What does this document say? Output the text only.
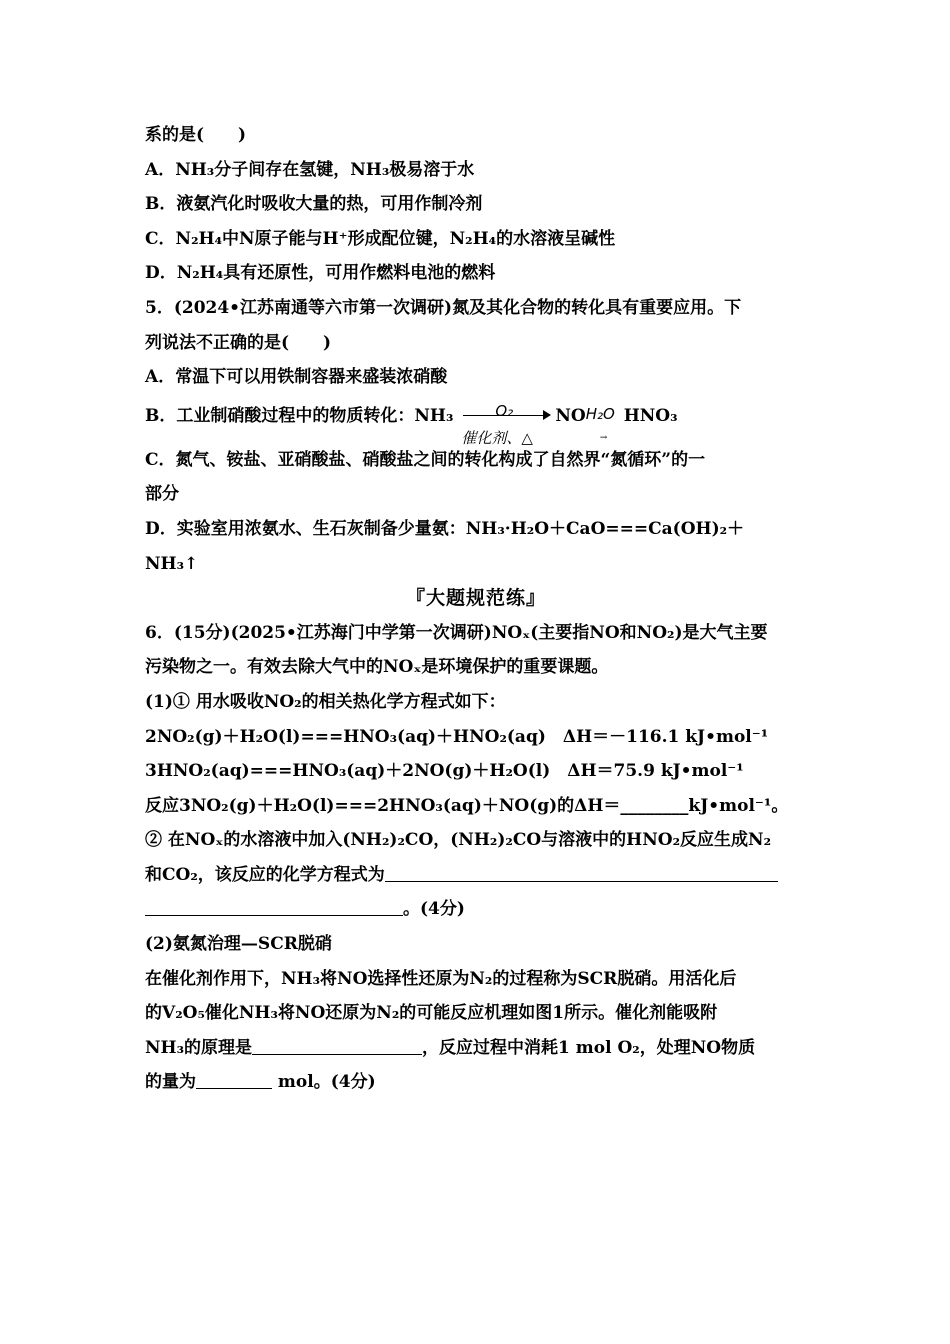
系的是(　　)
A．NH₃分子间存在氢键，NH₃极易溶于水
B．液氨汽化时吸收大量的热，可用作制冷剂
C．N₂H₄中N原子能与H⁺形成配位键，N₂H₄的水溶液呈碱性
D．N₂H₄具有还原性，可用作燃料电池的燃料
5．(2024•江苏南通等六市第一次调研)氮及其化合物的转化具有重要应用。下
列说法不正确的是(　　)
A．常温下可以用铁制容器来盛装浓硝酸
B．工业制硝酸过程中的物质转化：NH₃	O₂
催化剂、△
NO H₂O
→
HNO₃
C．氮气、铵盐、亚硝酸盐、硝酸盐之间的转化构成了自然界“氮循环”的一
部分
D．实验室用浓氨水、生石灰制备少量氨：NH₃·H₂O＋CaO===Ca(OH)₂＋
NH₃↑
『大题规范练』
6．(15分)(2025•江苏海门中学第一次调研)NOₓ(主要指NO和NO₂)是大气主要
污染物之一。有效去除大气中的NOₓ是环境保护的重要课题。
(1)① 用水吸收NO₂的相关热化学方程式如下：
2NO₂(g)＋H₂O(l)===HNO₃(aq)＋HNO₂(aq)　ΔH＝－116.1 kJ•mol⁻¹
3HNO₂(aq)===HNO₃(aq)＋2NO(g)＋H₂O(l)　ΔH＝75.9 kJ•mol⁻¹
反应3NO₂(g)＋H₂O(l)===2HNO₃(aq)＋NO(g)的ΔH＝________kJ•mol⁻¹。
② 在NOₓ的水溶液中加入(NH₂)₂CO，(NH₂)₂CO与溶液中的HNO₂反应生成N₂
和CO₂，该反应的化学方程式为
。(4分)
(2)氨氮治理—SCR脱硝
在催化剂作用下，NH₃将NO选择性还原为N₂的过程称为SCR脱硝。用活化后
的V₂O₅催化NH₃将NO还原为N₂的可能反应机理如图1所示。催化剂能吸附
NH₃的原理是	，反应过程中消耗1 mol O₂，处理NO物质
的量为	mol。(4分)
